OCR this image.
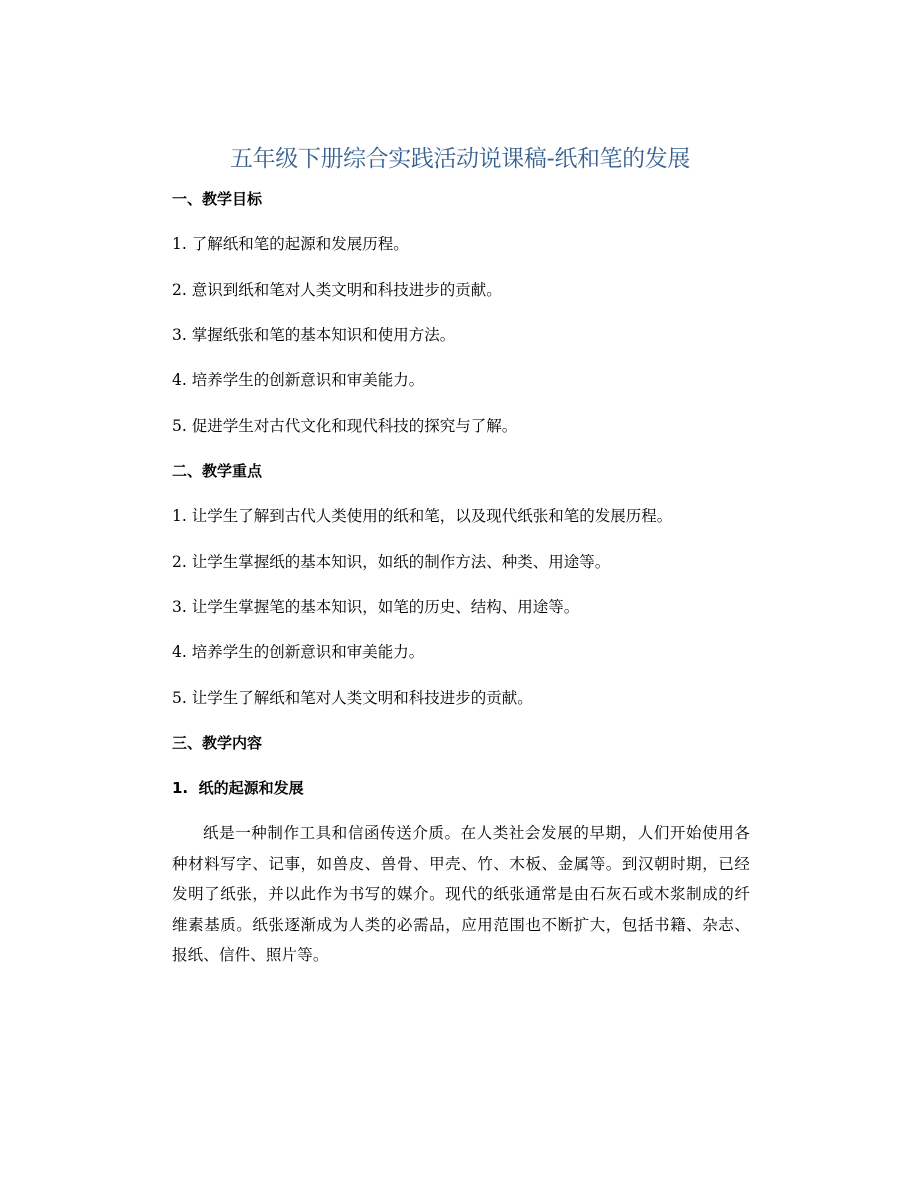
五年级下册综合实践活动说课稿-纸和笔的发展
一、教学目标
1. 了解纸和笔的起源和发展历程。
2. 意识到纸和笔对人类文明和科技进步的贡献。
3. 掌握纸张和笔的基本知识和使用方法。
4. 培养学生的创新意识和审美能力。
5. 促进学生对古代文化和现代科技的探究与了解。
二、教学重点
1. 让学生了解到古代人类使用的纸和笔，以及现代纸张和笔的发展历程。
2. 让学生掌握纸的基本知识，如纸的制作方法、种类、用途等。
3. 让学生掌握笔的基本知识，如笔的历史、结构、用途等。
4. 培养学生的创新意识和审美能力。
5. 让学生了解纸和笔对人类文明和科技进步的贡献。
三、教学内容
1.  纸的起源和发展
纸是一种制作工具和信函传送介质。在人类社会发展的早期，人们开始使用各种材料写字、记事，如兽皮、兽骨、甲壳、竹、木板、金属等。到汉朝时期，已经发明了纸张，并以此作为书写的媒介。现代的纸张通常是由石灰石或木浆制成的纤维素基质。纸张逐渐成为人类的必需品，应用范围也不断扩大，包括书籍、杂志、报纸、信件、照片等。
